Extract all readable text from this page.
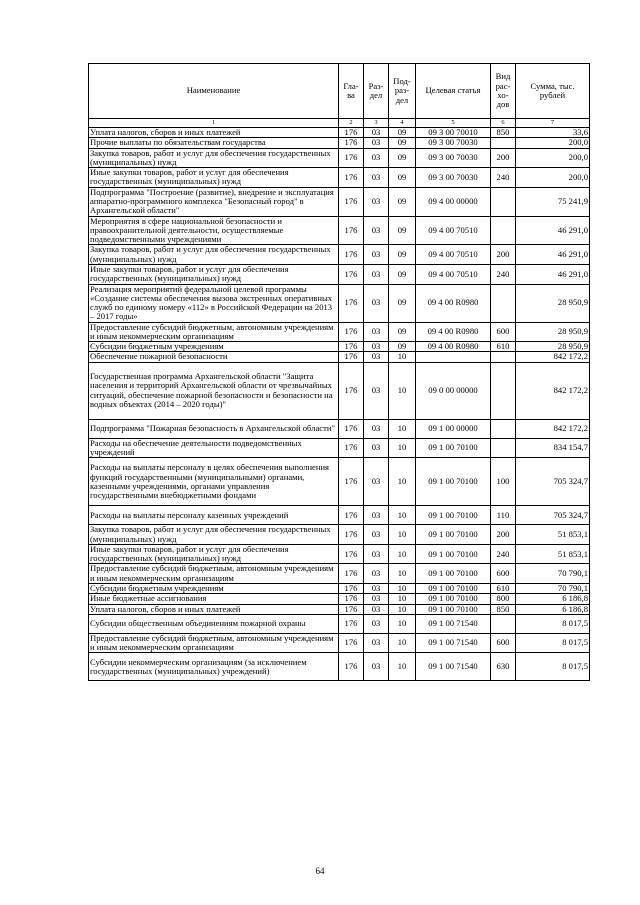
Наименование	Гла-ва	Раз-дел	Под-раз-дел	Целевая статья	Вид рас-хо-дов	Сумма, тыс. рублей
1	2	3	4	5	6	7
Уплата налогов, сборов и иных платежей	176	03	09	09 3 00 70010	850	33,6
Прочие выплаты по обязательствам государства	176	03	09	09 3 00 70030		200,0
Закупка товаров, работ и услуг для обеспечения государственных (муниципальных) нужд	176	03	09	09 3 00 70030	200	200,0
Иные закупки товаров, работ и услуг для обеспечения государственных (муниципальных) нужд	176	03	09	09 3 00 70030	240	200,0
Подпрограмма "Построение (развитие), внедрение и эксплуатация аппаратно-программного комплекса "Безопасный город" в Архангельской области"	176	03	09	09 4 00 00000		75 241,9
Мероприятия в сфере национальной безопасности и правоохранительной деятельности, осуществляемые подведомственными учреждениями	176	03	09	09 4 00 70510		46 291,0
Закупка товаров, работ и услуг для обеспечения государственных (муниципальных) нужд	176	03	09	09 4 00 70510	200	46 291,0
Иные закупки товаров, работ и услуг для обеспечения государственных (муниципальных) нужд	176	03	09	09 4 00 70510	240	46 291,0
Реализация мероприятий федеральной целевой программы «Создание системы обеспечения вызова экстренных оперативных служб по единому номеру «112» в Российской Федерации на 2013 – 2017 годы»	176	03	09	09 4 00 R0980		28 950,9
Предоставление субсидий бюджетным, автономным учреждениям и иным некоммерческим организациям	176	03	09	09 4 00 R0980	600	28 950,9
Субсидии бюджетным учреждениям	176	03	09	09 4 00 R0980	610	28 950,9
Обеспечение пожарной безопасности	176	03	10			842 172,2
Государственная программа Архангельской области "Защита населения и территорий Архангельской области от чрезвычайных ситуаций, обеспечение пожарной безопасности и безопасности на водных объектах (2014 – 2020 годы)"	176	03	10	09 0 00 00000		842 172,2
Подпрограмма "Пожарная безопасность в Архангельской области"	176	03	10	09 1 00 00000		842 172,2
Расходы на обеспечение деятельности подведомственных учреждений	176	03	10	09 1 00 70100		834 154,7
Расходы на выплаты персоналу в целях обеспечения выполнения функций государственными (муниципальными) органами, казенными учреждениями, органами управления государственными внебюджетными фондами	176	03	10	09 1 00 70100	100	705 324,7
Расходы на выплаты персоналу казенных учреждений	176	03	10	09 1 00 70100	110	705 324,7
Закупка товаров, работ и услуг для обеспечения государственных (муниципальных) нужд	176	03	10	09 1 00 70100	200	51 853,1
Иные закупки товаров, работ и услуг для обеспечения государственных (муниципальных) нужд	176	03	10	09 1 00 70100	240	51 853,1
Предоставление субсидий бюджетным, автономным учреждениям и иным некоммерческим организациям	176	03	10	09 1 00 70100	600	70 790,1
Субсидии бюджетным учреждениям	176	03	10	09 1 00 70100	610	70 790,1
Иные бюджетные ассигнования	176	03	10	09 1 00 70100	800	6 186,8
Уплата налогов, сборов и иных платежей	176	03	10	09 1 00 70100	850	6 186,8
Субсидии общественным объединениям пожарной охраны	176	03	10	09 1 00 71540		8 017,5
Предоставление субсидий бюджетным, автономным учреждениям и иным некоммерческим организациям	176	03	10	09 1 00 71540	600	8 017,5
Субсидии некоммерческим организациям (за исключением государственных (муниципальных) учреждений)	176	03	10	09 1 00 71540	630	8 017,5
64
